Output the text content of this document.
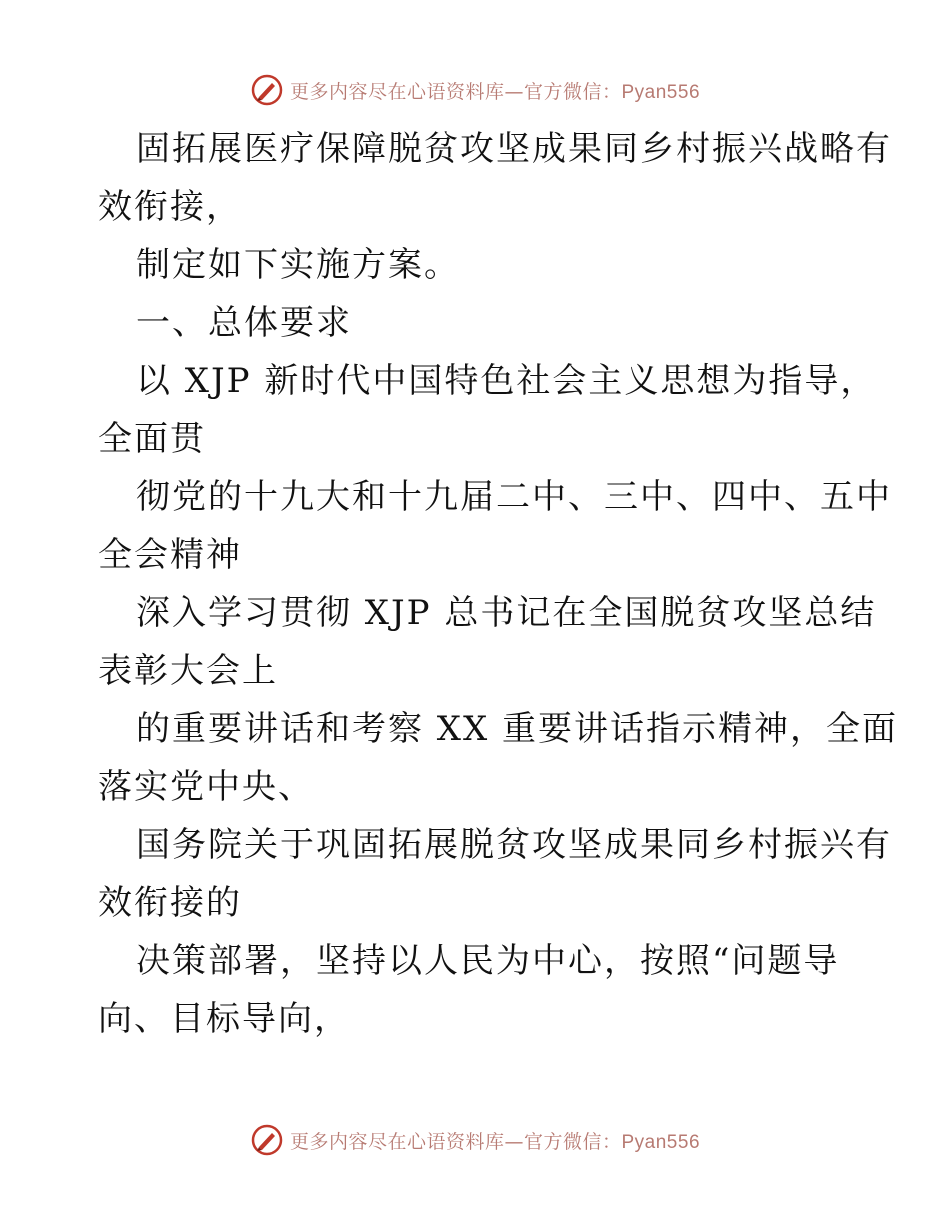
更多内容尽在心语资料库—官方微信：Pyan556
固拓展医疗保障脱贫攻坚成果同乡村振兴战略有
效衔接，
制定如下实施方案。
一、总体要求
以 XJP 新时代中国特色社会主义思想为指导，
全面贯
彻党的十九大和十九届二中、三中、四中、五中
全会精神
深入学习贯彻 XJP 总书记在全国脱贫攻坚总结
表彰大会上
的重要讲话和考察 XX 重要讲话指示精神，全面
落实党中央、
国务院关于巩固拓展脱贫攻坚成果同乡村振兴有
效衔接的
决策部署，坚持以人民为中心，按照“问题导
向、目标导向，
更多内容尽在心语资料库—官方微信：Pyan556
